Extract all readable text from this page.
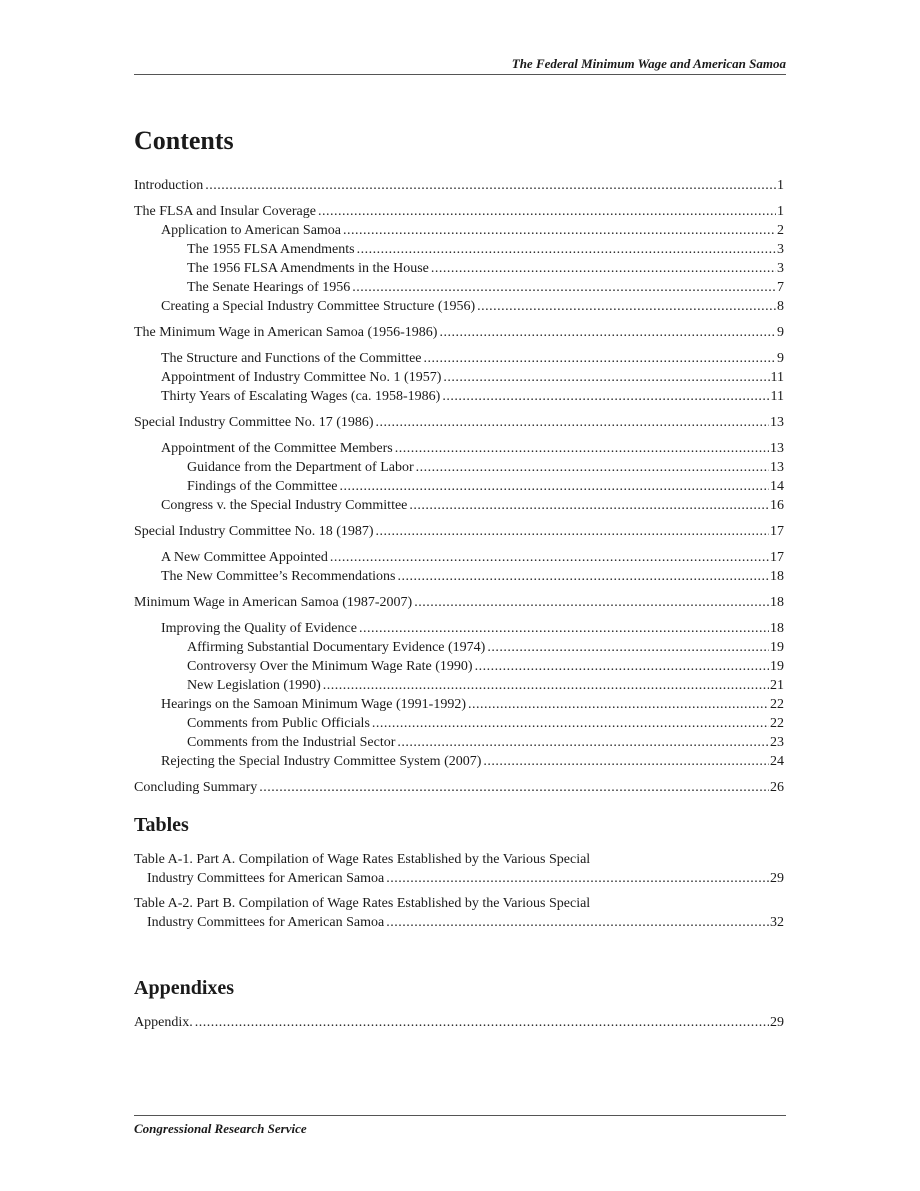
The Federal Minimum Wage and American Samoa
Contents
Introduction .....	1
The FLSA and Insular Coverage .....	1
Application to American Samoa .....	2
The 1955 FLSA Amendments .....	3
The 1956 FLSA Amendments in the House .....	3
The Senate Hearings of 1956 .....	7
Creating a Special Industry Committee Structure (1956) .....	8
The Minimum Wage in American Samoa (1956-1986) .....	9
The Structure and Functions of the Committee .....	9
Appointment of Industry Committee No. 1 (1957) .....	11
Thirty Years of Escalating Wages (ca. 1958-1986) .....	11
Special Industry Committee No. 17 (1986) .....	13
Appointment of the Committee Members .....	13
Guidance from the Department of Labor .....	13
Findings of the Committee .....	14
Congress v. the Special Industry Committee .....	16
Special Industry Committee No. 18 (1987) .....	17
A New Committee Appointed .....	17
The New Committee’s Recommendations .....	18
Minimum Wage in American Samoa (1987-2007) .....	18
Improving the Quality of Evidence .....	18
Affirming Substantial Documentary Evidence (1974) .....	19
Controversy Over the Minimum Wage Rate (1990) .....	19
New Legislation (1990) .....	21
Hearings on the Samoan Minimum Wage (1991-1992) .....	22
Comments from Public Officials .....	22
Comments from the Industrial Sector .....	23
Rejecting the Special Industry Committee System (2007) .....	24
Concluding Summary .....	26
Tables
Table A-1. Part A. Compilation of Wage Rates Established by the Various Special
Industry Committees for American Samoa .....	29
Table A-2. Part B. Compilation of Wage Rates Established by the Various Special
Industry Committees for American Samoa .....	32
Appendixes
Appendix. .....	29
Congressional Research Service
